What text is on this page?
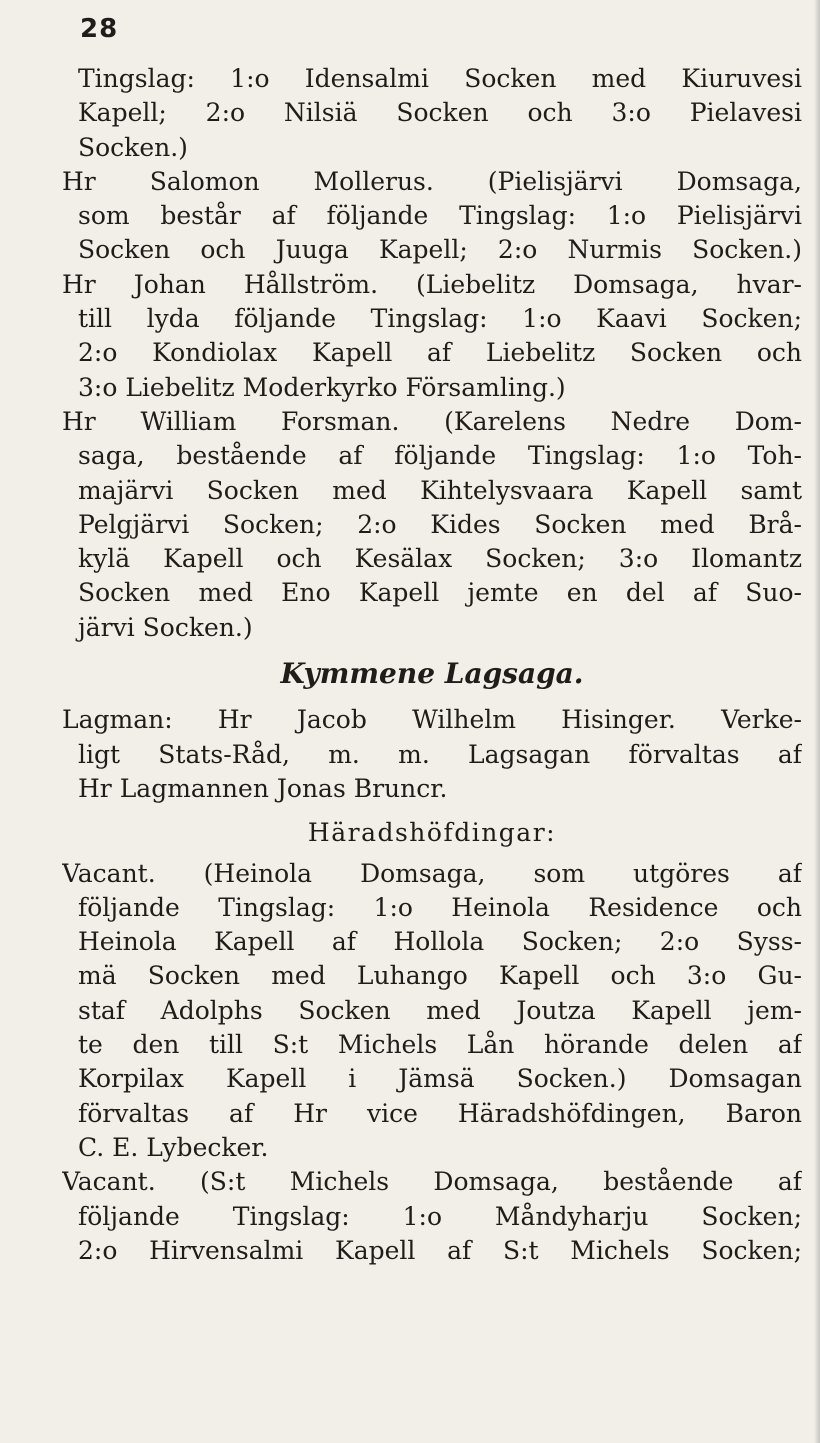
28
Tingslag: 1:o Idensalmi Socken med Kiuruvesi
Kapell; 2:o Nilsiä Socken och 3:o Pielavesi
Socken.)
Hr Salomon Mollerus. (Pielisjärvi Domsaga,
som består af följande Tingslag: 1:o Pielisjärvi
Socken och Juuga Kapell; 2:o Nurmis Socken.)
Hr Johan Hållström. (Liebelitz Domsaga, hvar-
till lyda följande Tingslag: 1:o Kaavi Socken;
2:o Kondiolax Kapell af Liebelitz Socken och
3:o Liebelitz Moderkyrko Församling.)
Hr William Forsman. (Karelens Nedre Dom-
saga, bestående af följande Tingslag: 1:o Toh-
majärvi Socken med Kihtelysvaara Kapell samt
Pelgjärvi Socken; 2:o Kides Socken med Brå-
kylä Kapell och Kesälax Socken; 3:o Ilomantz
Socken med Eno Kapell jemte en del af Suo-
järvi Socken.)
Kymmene Lagsaga.
Lagman: Hr Jacob Wilhelm Hisinger. Verke-
ligt Stats-Råd, m. m. Lagsagan förvaltas af
Hr Lagmannen Jonas Bruncr.
Häradshöfdingar:
Vacant. (Heinola Domsaga, som utgöres af
följande Tingslag: 1:o Heinola Residence och
Heinola Kapell af Hollola Socken; 2:o Syss-
mä Socken med Luhango Kapell och 3:o Gu-
staf Adolphs Socken med Joutza Kapell jem-
te den till S:t Michels Lån hörande delen af
Korpilax Kapell i Jämsä Socken.) Domsagan
förvaltas af Hr vice Häradshöfdingen, Baron
C. E. Lybecker.
Vacant. (S:t Michels Domsaga, bestående af
följande Tingslag: 1:o Måndyharju Socken;
2:o Hirvensalmi Kapell af S:t Michels Socken;
